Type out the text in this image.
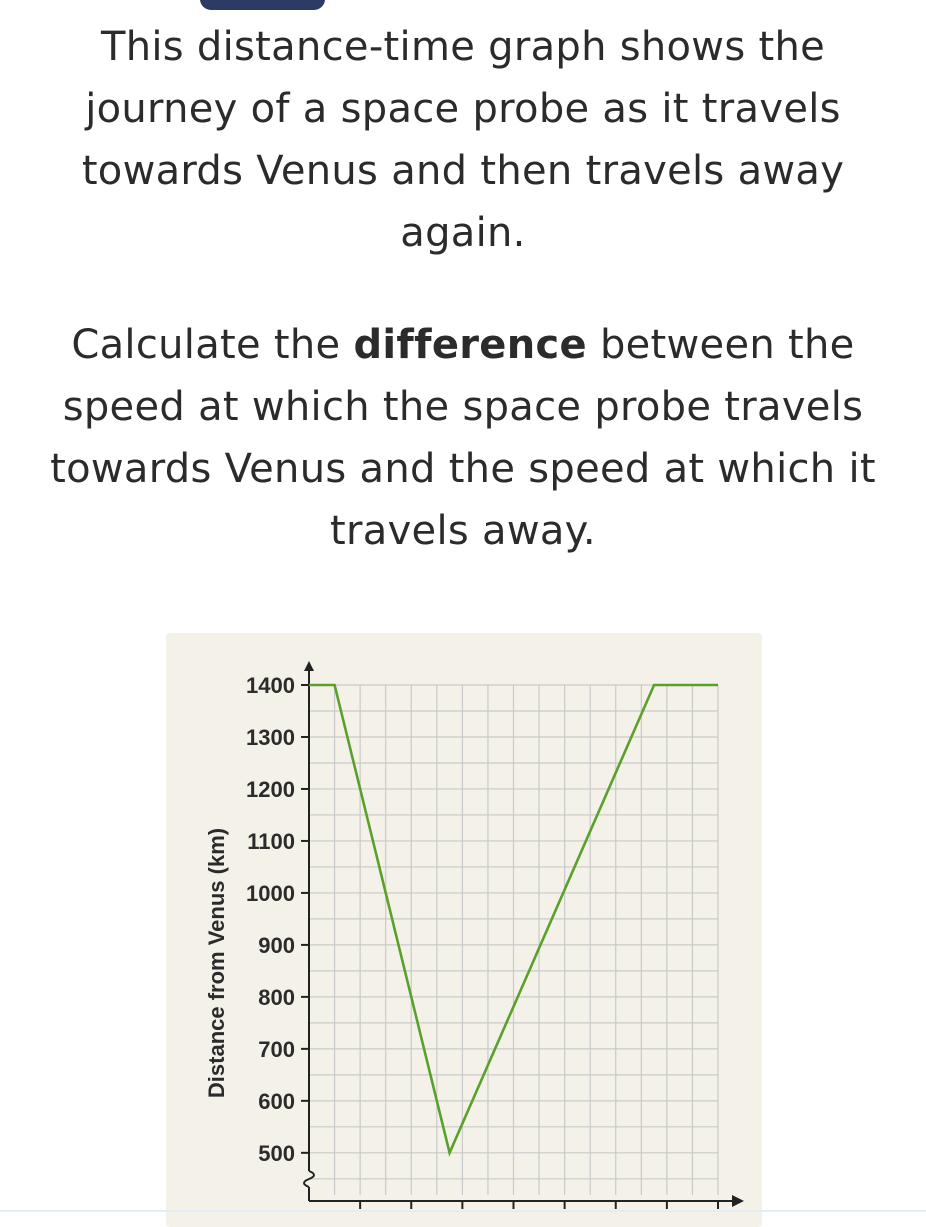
This distance-time graph shows the journey of a space probe as it travels towards Venus and then travels away again.
Calculate the difference between the speed at which the space probe travels towards Venus and the speed at which it travels away.
500
600
700
800
900
1000
1100
1200
1300
1400
Distance from Venus (km)
